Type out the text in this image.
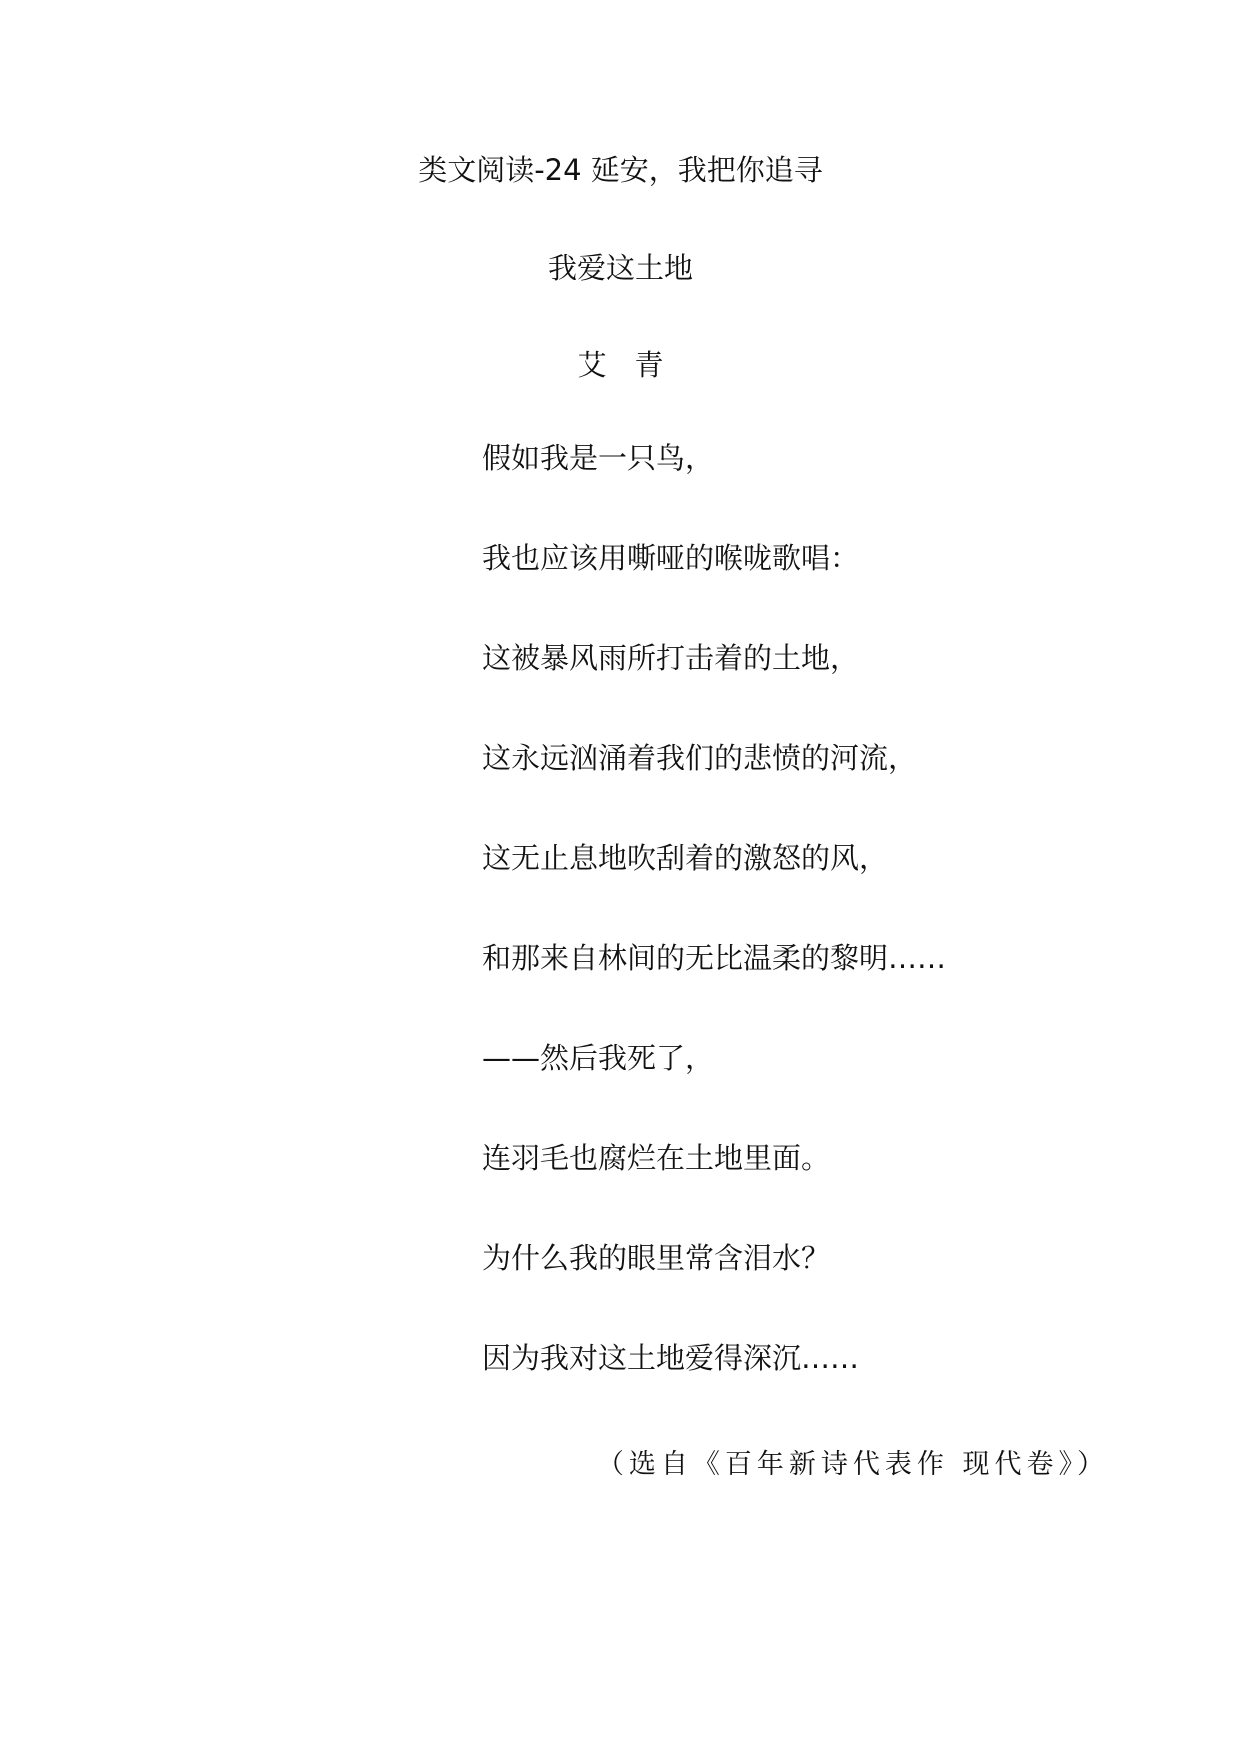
类文阅读-24 延安，我把你追寻
我爱这土地
艾青
假如我是一只鸟，
我也应该用嘶哑的喉咙歌唱：
这被暴风雨所打击着的土地，
这永远汹涌着我们的悲愤的河流，
这无止息地吹刮着的激怒的风，
和那来自林间的无比温柔的黎明……
——然后我死了，
连羽毛也腐烂在土地里面。
为什么我的眼里常含泪水？
因为我对这土地爱得深沉……
（选自《百年新诗代表作 现代卷》）
